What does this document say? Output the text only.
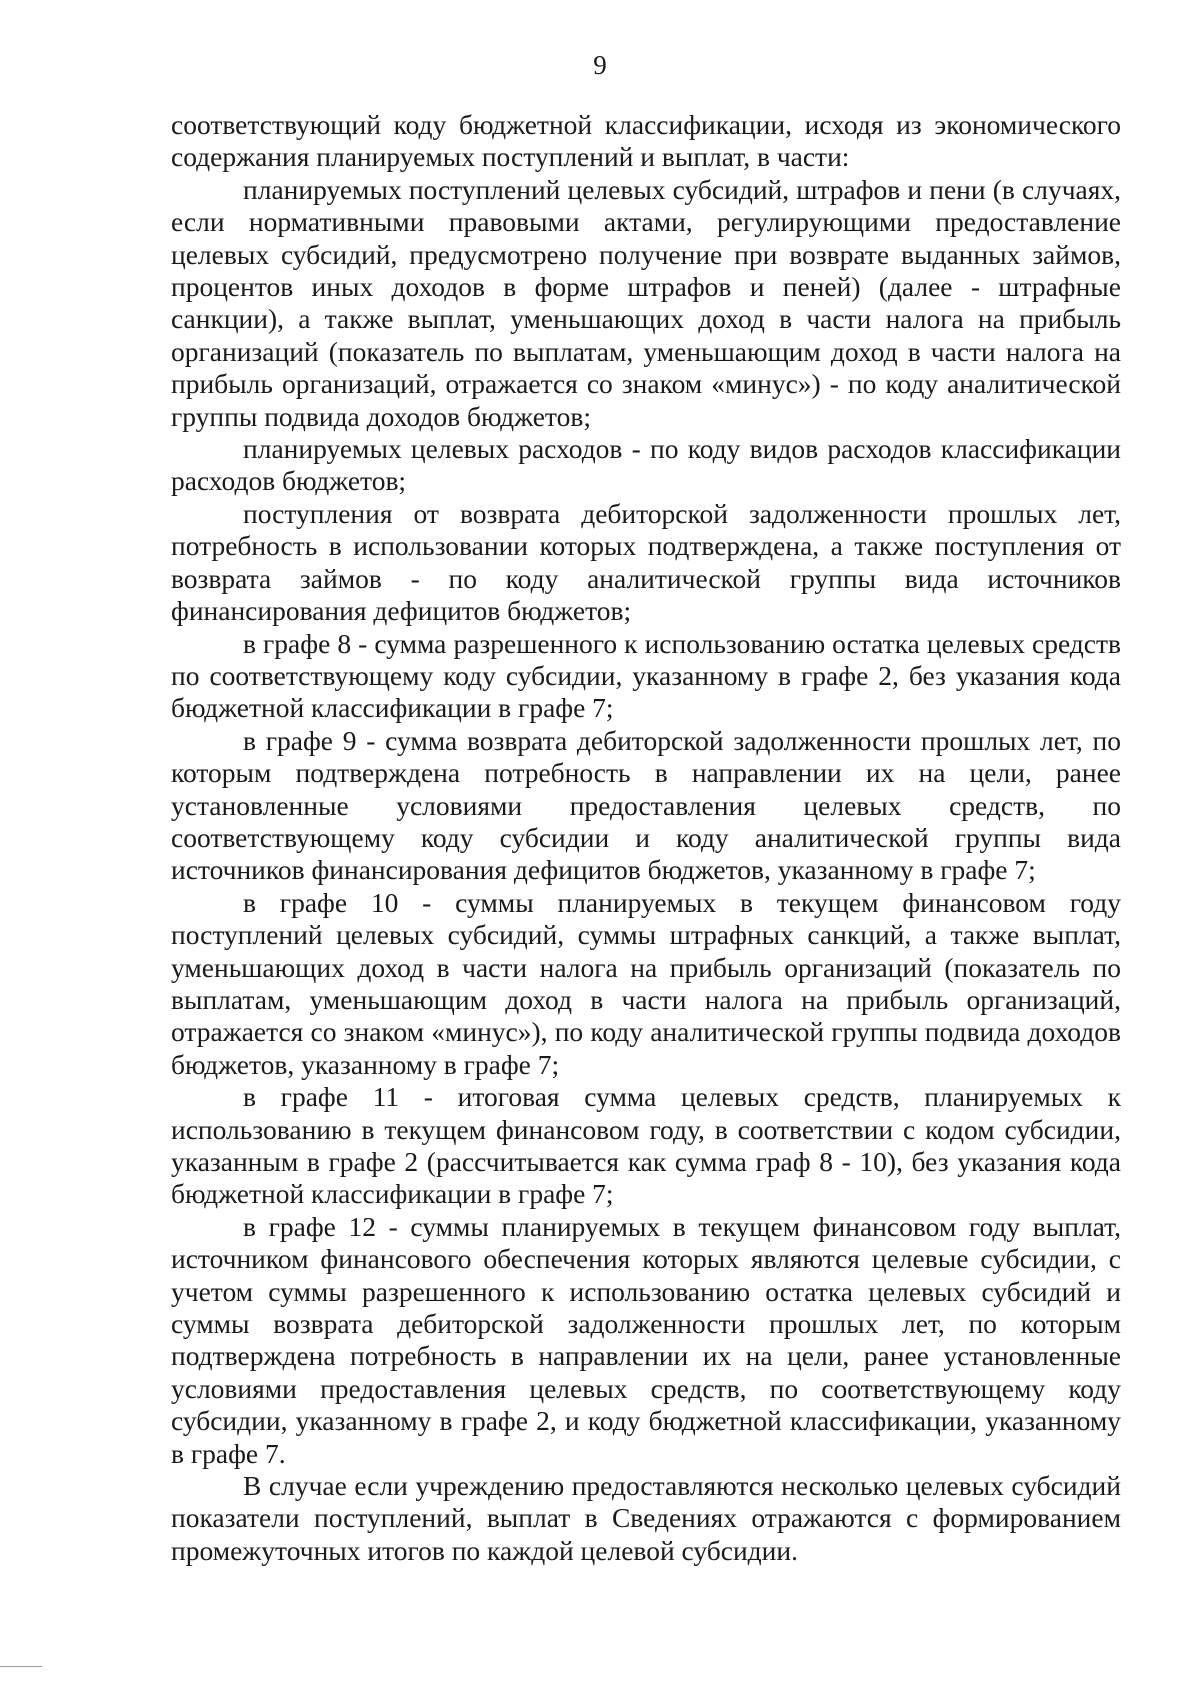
9

соответствующий коду бюджетной классификации, исходя из экономического содержания планируемых поступлений и выплат, в части:

планируемых поступлений целевых субсидий, штрафов и пени (в случаях, если нормативными правовыми актами, регулирующими предоставление целевых субсидий, предусмотрено получение при возврате выданных займов, процентов иных доходов в форме штрафов и пеней) (далее - штрафные санкции), а также выплат, уменьшающих доход в части налога на прибыль организаций (показатель по выплатам, уменьшающим доход в части налога на прибыль организаций, отражается со знаком «минус») - по коду аналитической группы подвида доходов бюджетов;

планируемых целевых расходов - по коду видов расходов классификации расходов бюджетов;

поступления от возврата дебиторской задолженности прошлых лет, потребность в использовании которых подтверждена, а также поступления от возврата займов - по коду аналитической группы вида источников финансирования дефицитов бюджетов;

в графе 8 - сумма разрешенного к использованию остатка целевых средств по соответствующему коду субсидии, указанному в графе 2, без указания кода бюджетной классификации в графе 7;

в графе 9 - сумма возврата дебиторской задолженности прошлых лет, по которым подтверждена потребность в направлении их на цели, ранее установленные условиями предоставления целевых средств, по соответствующему коду субсидии и коду аналитической группы вида источников финансирования дефицитов бюджетов, указанному в графе 7;

в графе 10 - суммы планируемых в текущем финансовом году поступлений целевых субсидий, суммы штрафных санкций, а также выплат, уменьшающих доход в части налога на прибыль организаций (показатель по выплатам, уменьшающим доход в части налога на прибыль организаций, отражается со знаком «минус»), по коду аналитической группы подвида доходов бюджетов, указанному в графе 7;

в графе 11 - итоговая сумма целевых средств, планируемых к использованию в текущем финансовом году, в соответствии с кодом субсидии, указанным в графе 2 (рассчитывается как сумма граф 8 - 10), без указания кода бюджетной классификации в графе 7;

в графе 12 - суммы планируемых в текущем финансовом году выплат, источником финансового обеспечения которых являются целевые субсидии, с учетом суммы разрешенного к использованию остатка целевых субсидий и суммы возврата дебиторской задолженности прошлых лет, по которым подтверждена потребность в направлении их на цели, ранее установленные условиями предоставления целевых средств, по соответствующему коду субсидии, указанному в графе 2, и коду бюджетной классификации, указанному в графе 7.

В случае если учреждению предоставляются несколько целевых субсидий показатели поступлений, выплат в Сведениях отражаются с формированием промежуточных итогов по каждой целевой субсидии.
